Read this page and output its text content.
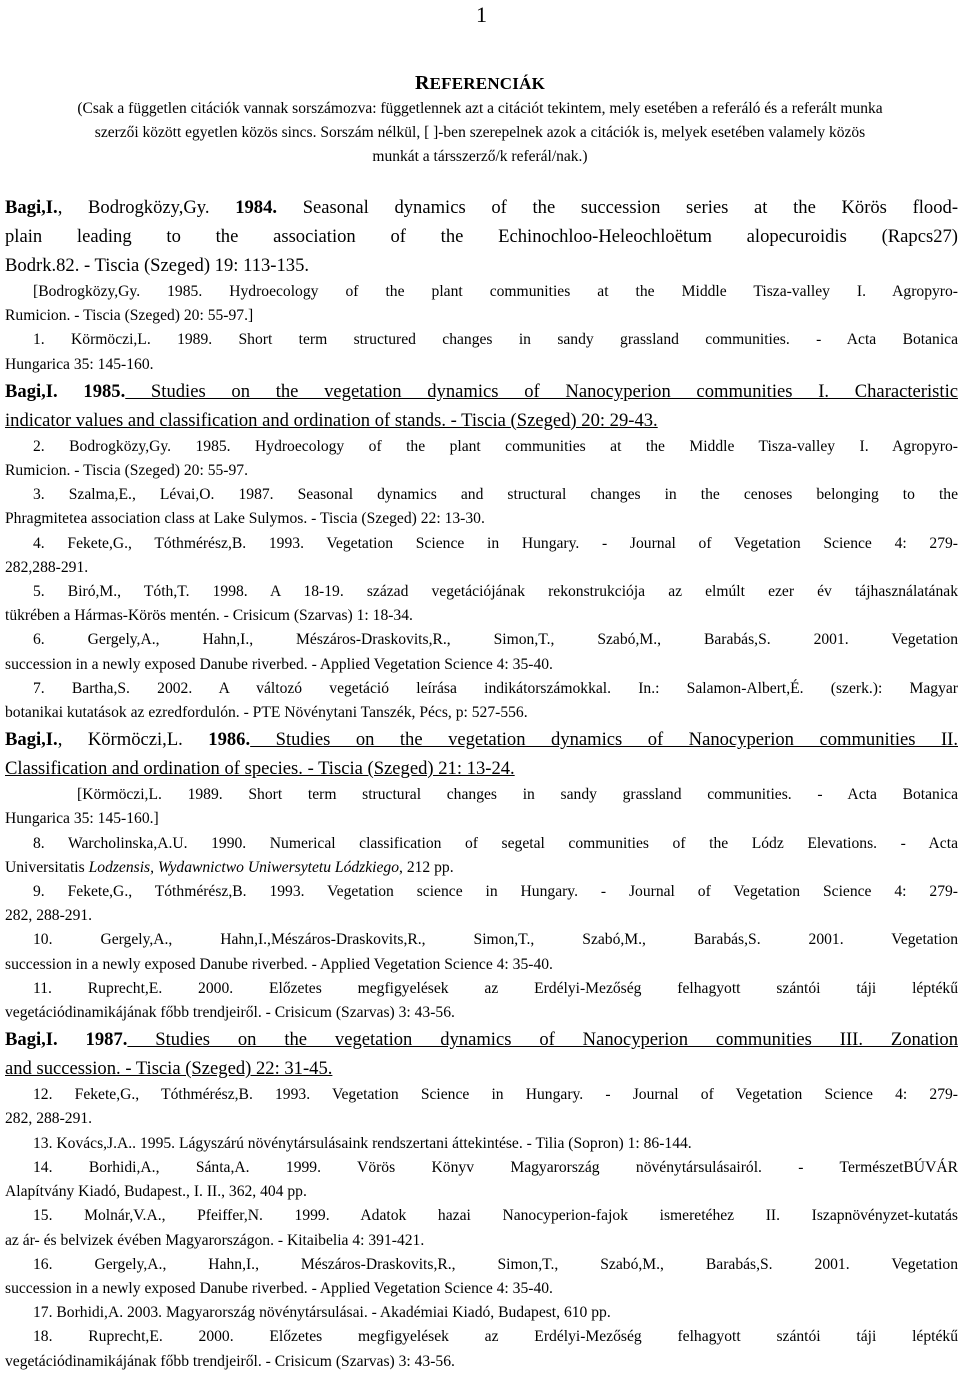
1
REFERENCIÁK
(Csak a független citációk vannak sorszámozva: függetlennek azt a citációt tekintem, mely esetében a referáló és a referált munka
szerzői között egyetlen közös sincs. Sorszám nélkül, [ ]-ben szerepelnek azok a citációk is, melyek esetében valamely közös
munkát a társszerző/k referál/nak.)
Bagi,I., Bodrogközy,Gy. 1984. Seasonal dynamics of the succession series at the Körös flood-
plain leading to the association of the Echinochloo-Heleochloëtum alopecuroidis (Rapcs27)
Bodrk.82. - Tiscia (Szeged) 19: 113-135.
[Bodrogközy,Gy. 1985. Hydroecology of the plant communities at the Middle Tisza-valley I. Agropyro-
Rumicion. - Tiscia (Szeged) 20: 55-97.]
1. Körmöczi,L. 1989. Short term structured changes in sandy grassland communities. - Acta Botanica
Hungarica 35: 145-160.
Bagi,I. 1985. Studies on the vegetation dynamics of Nanocyperion communities I. Characteristic
indicator values and classification and ordination of stands. - Tiscia (Szeged) 20: 29-43.
2. Bodrogközy,Gy. 1985. Hydroecology of the plant communities at the Middle Tisza-valley I. Agropyro-
Rumicion. - Tiscia (Szeged) 20: 55-97.
3. Szalma,E., Lévai,O. 1987. Seasonal dynamics and structural changes in the cenoses belonging to the
Phragmitetea association class at Lake Sulymos. - Tiscia (Szeged) 22: 13-30.
4. Fekete,G., Tóthmérész,B. 1993. Vegetation Science in Hungary. - Journal of Vegetation Science 4: 279-
282,288-291.
5. Biró,M., Tóth,T. 1998. A 18-19. század vegetációjának rekonstrukciója az elmúlt ezer év tájhasználatának
tükrében a Hármas-Körös mentén. - Crisicum (Szarvas) 1: 18-34.
6. Gergely,A., Hahn,I., Mészáros-Draskovits,R., Simon,T., Szabó,M., Barabás,S. 2001. Vegetation
succession in a newly exposed Danube riverbed. - Applied Vegetation Science 4: 35-40.
7. Bartha,S. 2002. A változó vegetáció leírása indikátorszámokkal. In.: Salamon-Albert,É. (szerk.): Magyar
botanikai kutatások az ezredfordulón. - PTE Növénytani Tanszék, Pécs, p: 527-556.
Bagi,I., Körmöczi,L. 1986. Studies on the vegetation dynamics of Nanocyperion communities II.
Classification and ordination of species. - Tiscia (Szeged) 21: 13-24.
[Körmöczi,L. 1989. Short term structural changes in sandy grassland communities. - Acta Botanica
Hungarica 35: 145-160.]
8. Warcholinska,A.U. 1990. Numerical classification of segetal communities of the Lódz Elevations. - Acta
Universitatis Lodzensis, Wydawnictwo Uniwersytetu Lódzkiego, 212 pp.
9. Fekete,G., Tóthmérész,B. 1993. Vegetation science in Hungary. - Journal of Vegetation Science 4: 279-
282, 288-291.
10. Gergely,A., Hahn,I.,Mészáros-Draskovits,R., Simon,T., Szabó,M., Barabás,S. 2001. Vegetation
succession in a newly exposed Danube riverbed. - Applied Vegetation Science 4: 35-40.
11. Ruprecht,E. 2000. Előzetes megfigyelések az Erdélyi-Mezőség felhagyott szántói táji léptékű
vegetációdinamikájának főbb trendjeiről. - Crisicum (Szarvas) 3: 43-56.
Bagi,I. 1987. Studies on the vegetation dynamics of Nanocyperion communities III. Zonation
and succession. - Tiscia (Szeged) 22: 31-45.
12. Fekete,G., Tóthmérész,B. 1993. Vegetation Science in Hungary. - Journal of Vegetation Science 4: 279-
282, 288-291.
13. Kovács,J.A.. 1995. Lágyszárú növénytársulásaink rendszertani áttekintése. - Tilia (Sopron) 1: 86-144.
14. Borhidi,A., Sánta,A. 1999. Vörös Könyv Magyarország növénytársulásairól. - TermészetBÚVÁR
Alapítvány Kiadó, Budapest., I. II., 362, 404 pp.
15. Molnár,V.A., Pfeiffer,N. 1999. Adatok hazai Nanocyperion-fajok ismeretéhez II. Iszapnövényzet-kutatás
az ár- és belvizek évében Magyarországon. - Kitaibelia 4: 391-421.
16. Gergely,A., Hahn,I., Mészáros-Draskovits,R., Simon,T., Szabó,M., Barabás,S. 2001. Vegetation
succession in a newly exposed Danube riverbed. - Applied Vegetation Science 4: 35-40.
17. Borhidi,A. 2003. Magyarország növénytársulásai. - Akadémiai Kiadó, Budapest, 610 pp.
18. Ruprecht,E. 2000. Előzetes megfigyelések az Erdélyi-Mezőség felhagyott szántói táji léptékű
vegetációdinamikájának főbb trendjeiről. - Crisicum (Szarvas) 3: 43-56.
